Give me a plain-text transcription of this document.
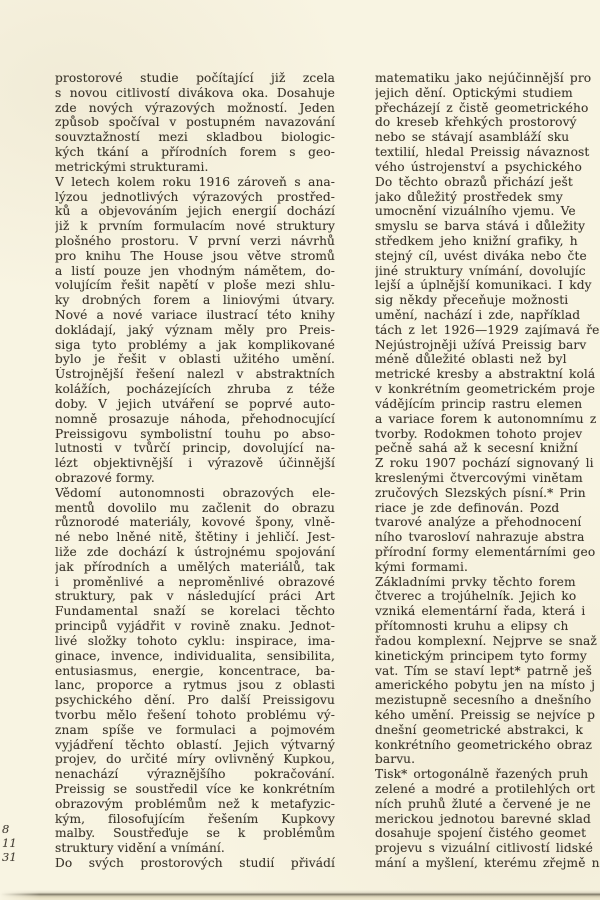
8
11
31
prostorové studie počítající již zcela
s novou citlivostí divákova oka. Dosahuje
zde nových výrazových možností. Jeden
způsob spočíval v postupném navazování
souvztažností mezi skladbou biologic-
kých tkání a přírodních forem s geo-
metrickými strukturami.
V letech kolem roku 1916 zároveň s ana-
lýzou jednotlivých výrazových prostřed-
ků a objevováním jejich energií dochází
již k prvním formulacím nové struktury
plošného prostoru. V první verzi návrhů
pro knihu The House jsou větve stromů
a listí pouze jen vhodným námětem, do-
volujícím řešit napětí v ploše mezi shlu-
ky drobných forem a liniovými útvary.
Nové a nové variace ilustrací této knihy
dokládají, jaký význam měly pro Preis-
siga tyto problémy a jak komplikované
bylo je řešit v oblasti užitého umění.
Ústrojnější řešení nalezl v abstraktních
kolážích, pocházejících zhruba z téže
doby. V jejich utváření se poprvé auto-
nomně prosazuje náhoda, přehodnocující
Preissigovu symbolistní touhu po abso-
lutnosti v tvůrčí princip, dovolující na-
lézt objektivnější i výrazově účinnější
obrazové formy.
Vědomí autonomnosti obrazových ele-
mentů dovolilo mu začlenit do obrazu
různorodé materiály, kovové špony, vlně-
né nebo lněné nitě, štětiny i jehličí. Jest-
liže zde dochází k ústrojnému spojování
jak přírodních a umělých materiálů, tak
i proměnlivé a neproměnlivé obrazové
struktury, pak v následující práci Art
Fundamental snaží se korelaci těchto
principů vyjádřit v rovině znaku. Jednot-
livé složky tohoto cyklu: inspirace, ima-
ginace, invence, individualita, sensibilita,
entusiasmus, energie, koncentrace, ba-
lanc, proporce a rytmus jsou z oblasti
psychického dění. Pro další Preissigovu
tvorbu mělo řešení tohoto problému vý-
znam spíše ve formulaci a pojmovém
vyjádření těchto oblastí. Jejich výtvarný
projev, do určité míry ovlivněný Kupkou,
nenachází výraznějšího pokračování.
Preissig se soustředil více ke konkrétním
obrazovým problémům než k metafyzic-
kým, filosofujícím řešením Kupkovy
malby. Soustřeďuje se k problémům
struktury vidění a vnímání.
Do svých prostorových studií přivádí
matematiku jako nejúčinnější pro
jejich dění. Optickými studiem
přecházejí z čistě geometrického
do kreseb křehkých prostorový
nebo se stávají asambláží sku
textilií, hledal Preissig návaznost
vého ústrojenství a psychického
Do těchto obrazů přichází ješt
jako důležitý prostředek smy
umocnění vizuálního vjemu. Ve
smyslu se barva stává i důležity
středkem jeho knižní grafiky, h
stejný cíl, uvést diváka nebo čte
jiné struktury vnímání, dovolujíc
lejší a úplnější komunikaci. I kdy
sig někdy přeceňuje možnosti
umění, nachází i zde, například
tách z let 1926—1929 zajímavá ře
Nejústrojněji užívá Preissig barv
méně důležité oblasti než byl
metrické kresby a abstraktní kolá
v konkrétním geometrickém proje
vádějícím princip rastru elemen
a variace forem k autonomnímu z
tvorby. Rodokmen tohoto projev
pečně sahá až k secesní knižní
Z roku 1907 pochází signovaný li
kreslenými čtvercovými vinětam
zručových Slezských písní.* Prin
riace je zde definován. Pozd
tvarové analýze a přehodnocení
ního tvarosloví nahrazuje abstra
přírodní formy elementárními geo
kými formami.
Základními prvky těchto forem
čtverec a trojúhelník. Jejich ko
vzniká elementární řada, která i
přítomnosti kruhu a elipsy ch
řadou komplexní. Nejprve se snaž
kinetickým principem tyto formy
vat. Tím se staví lept* patrně ješ
amerického pobytu jen na místo j
mezistupně secesního a dnešního
kého umění. Preissig se nejvíce p
dnešní geometrické abstrakci, k
konkrétního geometrického obraz
barvu.
Tisk* ortogonálně řazených pruh
zelené a modré a protilehlých ort
ních pruhů žluté a červené je ne
merickou jednotou barevné sklad
dosahuje spojení čistého geomet
projevu s vizuální citlivostí lidské
mání a myšlení, kterému zřejmě n
